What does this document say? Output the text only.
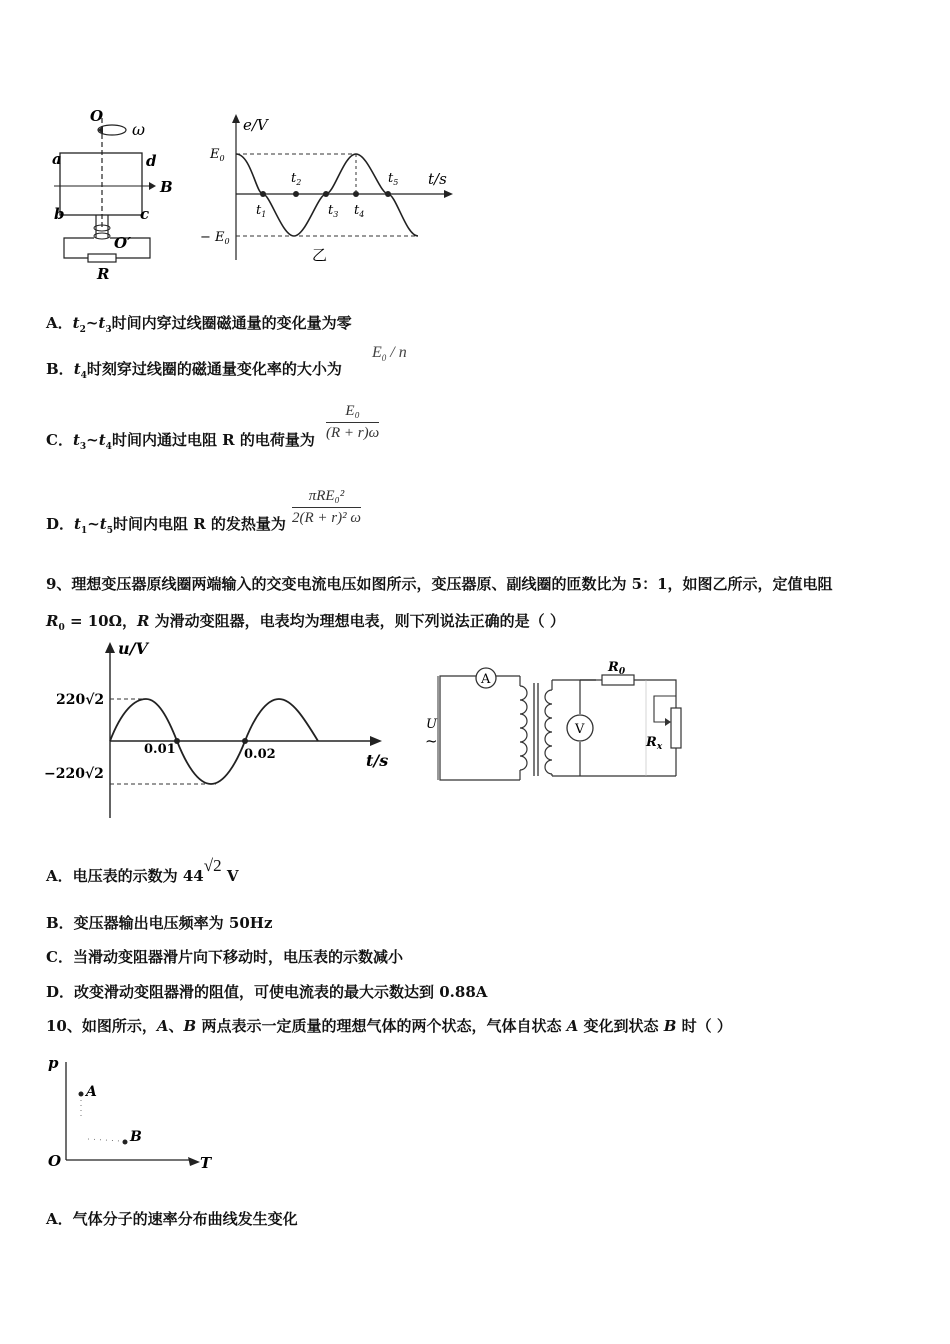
O
ω
a	d
B
b	c
O′
R
e/V
t/s
$E_0$
− $E_0$
$t_1$
$t_2$
$t_3$ $t_4$
$t_5$
乙
A．$t_2\sim t_3$时间内穿过线圈磁通量的变化量为零
B．$t_4$时刻穿过线圈的磁通量变化率的大小为
$E_0$ / n
C．$t_3\sim t_4$时间内通过电阻 R 的电荷量为 $\frac{\text{E₀}}{(R + r)\omega}$
D．$t_1\sim t_5$时间内电阻 R 的发热量为
πRE₀²
2(R + r)² ω
9、理想变压器原线圈两端输入的交变电流电压如图所示，变压器原、副线圈的匝数比为 5：1，如图乙所示，定值电阻
$R_0 = 10\Omega$，R 为滑动变阻器，电表均为理想电表，则下列说法正确的是（ ）
u/V
t/s
220√2
−220√2
0.01	0.02
A
V
U
~
$R_0$
$R_x$
A．电压表的示数为 44√2 V
B．变压器输出电压频率为 50Hz
C．当滑动变阻器滑片向下移动时，电压表的示数减小
D．改变滑动变阻器滑的阻值，可使电流表的最大示数达到 0.88A
10、如图所示，A、B 两点表示一定质量的理想气体的两个状态，气体自状态 A 变化到状态 B 时（ ）
p
T
O
A
B
A．气体分子的速率分布曲线发生变化
